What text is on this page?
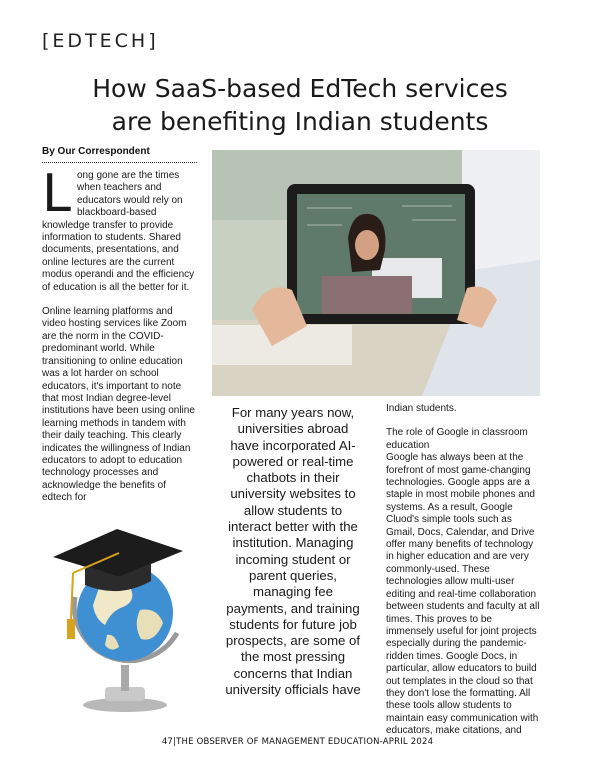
[EDTECH]
How SaaS-based EdTech services
are benefiting Indian students
By Our Correspondent

L ong gone are the times when teachers and educators would rely on blackboard-based knowledge transfer to provide information to students. Shared documents, presentations, and online lectures are the current modus operandi and the efficiency of education is all the better for it.

Online learning platforms and video hosting services like Zoom are the norm in the COVID-predominant world. While transitioning to online education was a lot harder on school educators, it's important to note that most Indian degree-level institutions have been using online learning methods in tandem with their daily teaching. This clearly indicates the willingness of Indian educators to adopt to education technology processes and acknowledge the benefits of edtech for

For many years now, universities abroad have incorporated AI-powered or real-time chatbots in their university websites to allow students to interact better with the institution. Managing incoming student or parent queries, managing fee payments, and training students for future job prospects, are some of the most pressing concerns that Indian university officials have

Indian students.

The role of Google in classroom education

Google has always been at the forefront of most game-changing technologies. Google apps are a staple in most mobile phones and systems. As a result, Google Cluod's simple tools such as Gmail, Docs, Calendar, and Drive offer many benefits of technology in higher education and are very commonly-used. These technologies allow multi-user editing and real-time collaboration between students and faculty at all times. This proves to be immensely useful for joint projects especially during the pandemic-ridden times. Google Docs, in particular, allow educators to build out templates in the cloud so that they don't lose the formatting. All these tools allow students to maintain easy communication with educators, make citations, and

47|THE OBSERVER OF MANAGEMENT EDUCATION-APRIL 2024
